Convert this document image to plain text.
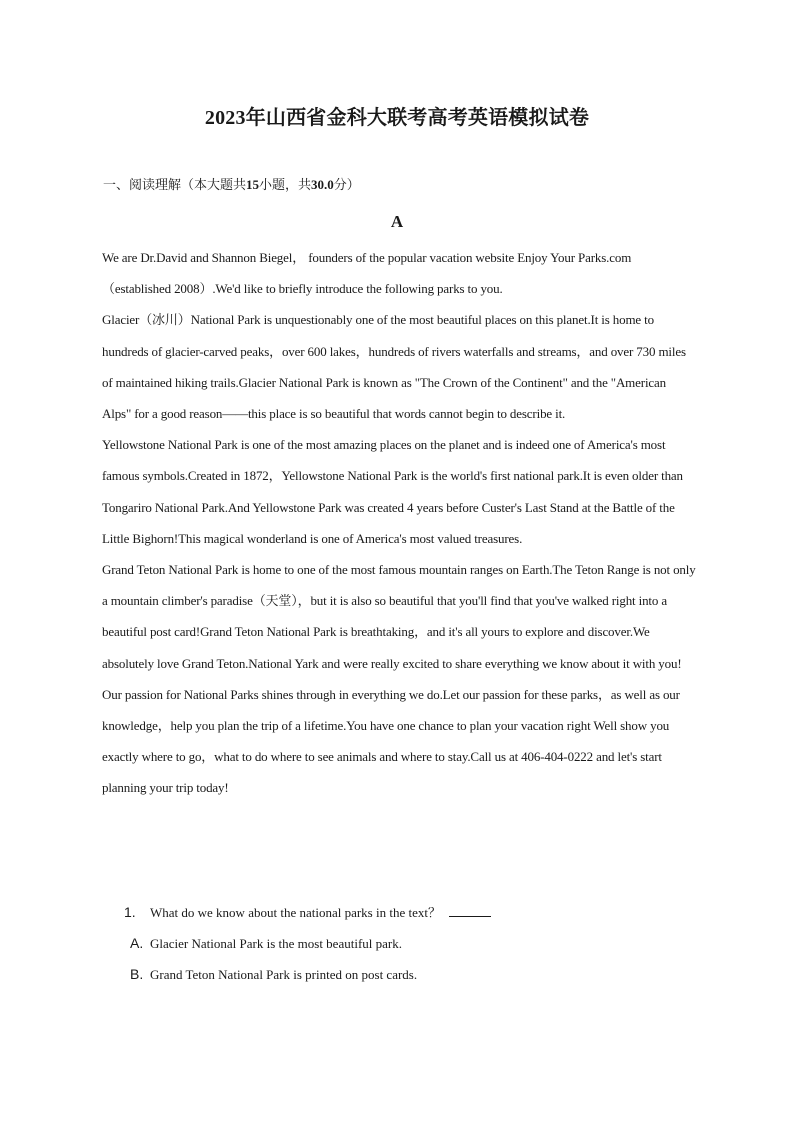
2023年山西省金科大联考高考英语模拟试卷
一、阅读理解（本大题共15小题，共30.0分）
A

We are Dr.David and Shannon Biegel， founders of the popular vacation website Enjoy Your Parks.com（established 2008）.We'd like to briefly introduce the following parks to you.

Glacier（冰川）National Park is unquestionably one of the most beautiful places on this planet.It is home to hundreds of glacier-carved peaks，over 600 lakes，hundreds of rivers waterfalls and streams，and over 730 miles of maintained hiking trails.Glacier National Park is known as "The Crown of the Continent" and the "American Alps" for a good reason——this place is so beautiful that words cannot begin to describe it.

Yellowstone National Park is one of the most amazing places on the planet and is indeed one of America's most famous symbols.Created in 1872，Yellowstone National Park is the world's first national park.It is even older than Tongariro National Park.And Yellowstone Park was created 4 years before Custer's Last Stand at the Battle of the Little Bighorn!This magical wonderland is one of America's most valued treasures.

Grand Teton National Park is home to one of the most famous mountain ranges on Earth.The Teton Range is not only a mountain climber's paradise（天堂），but it is also so beautiful that you'll find that you've walked right into a beautiful post card!Grand Teton National Park is breathtaking，and it's all yours to explore and discover.We absolutely love Grand Teton.National Yark and were really excited to share everything we know about it with you!

Our passion for National Parks shines through in everything we do.Let our passion for these parks，as well as our knowledge，help you plan the trip of a lifetime.You have one chance to plan your vacation right Well show you exactly where to go，what to do where to see animals and where to stay.Call us at 406-404-0222 and let's start planning your trip today!

1.	What do we know about the national parks in the text？
A. Glacier National Park is the most beautiful park.
B. Grand Teton National Park is printed on post cards.
